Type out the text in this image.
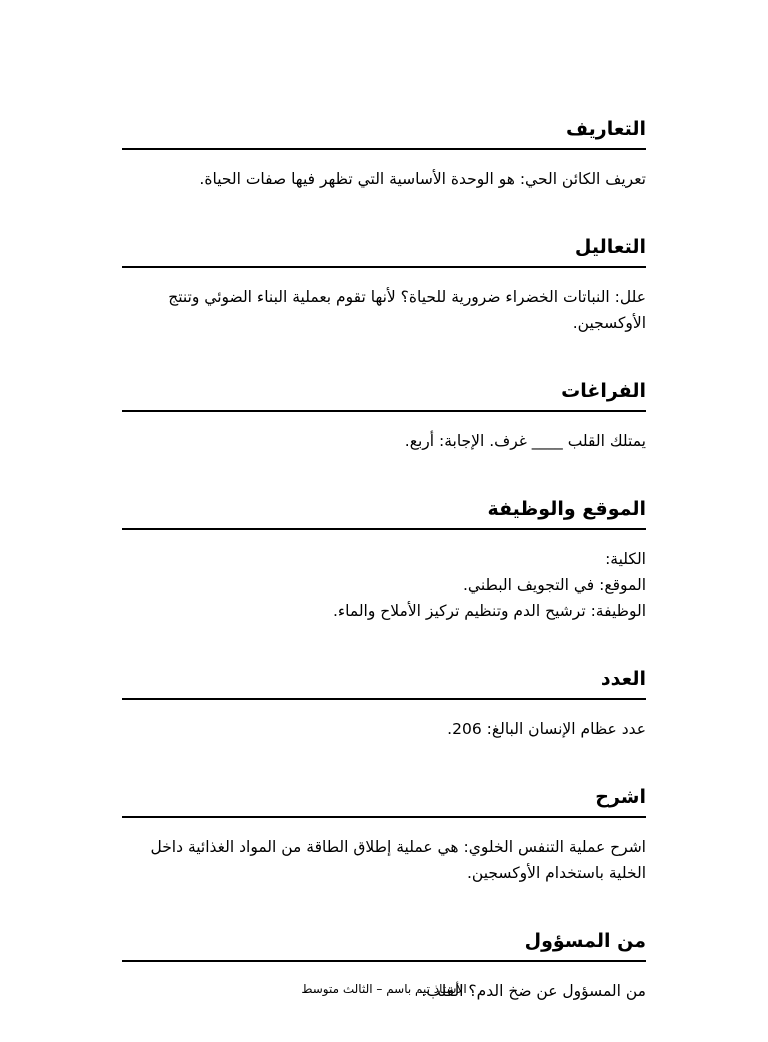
التعاريف
تعريف الكائن الحي: هو الوحدة الأساسية التي تظهر فيها صفات الحياة.
التعاليل
علل: النباتات الخضراء ضرورية للحياة؟ لأنها تقوم بعملية البناء الضوئي وتنتج الأوكسجين.
الفراغات
يمتلك القلب ____ غرف. الإجابة: أربع.
الموقع والوظيفة
الكلية:
الموقع: في التجويف البطني.
الوظيفة: ترشيح الدم وتنظيم تركيز الأملاح والماء.
العدد
عدد عظام الإنسان البالغ: 206.
اشرح
اشرح عملية التنفس الخلوي: هي عملية إطلاق الطاقة من المواد الغذائية داخل الخلية باستخدام الأوكسجين.
من المسؤول
من المسؤول عن ضخ الدم؟ القلب.
الأستاذ تيم باسم – الثالث متوسط
